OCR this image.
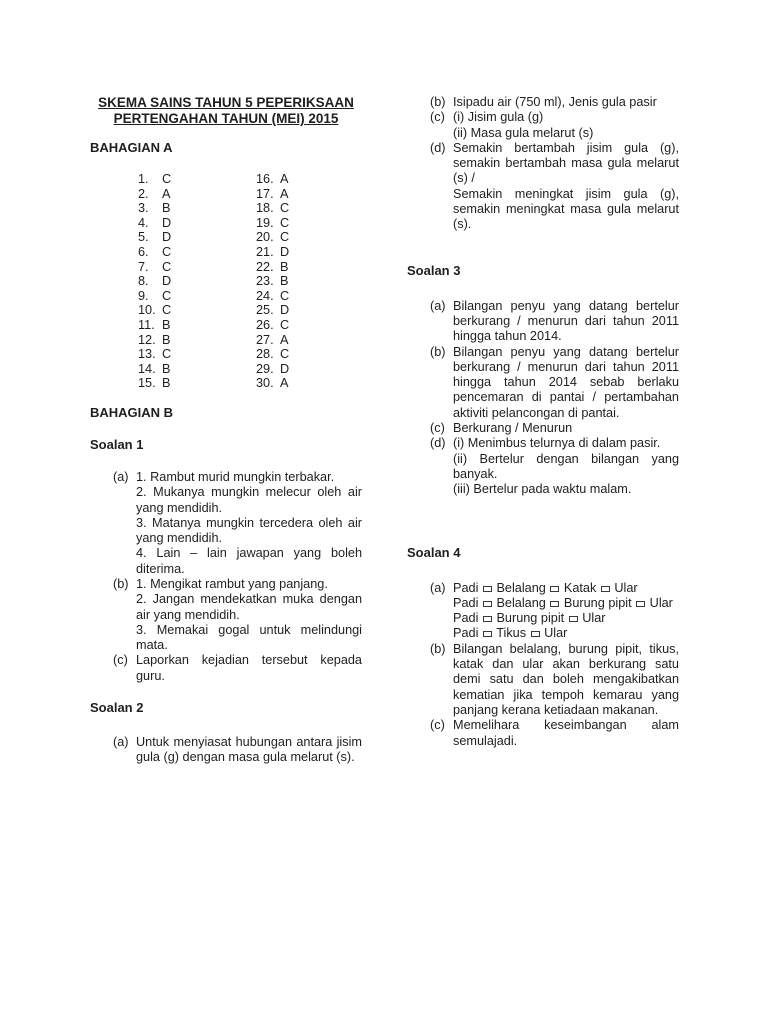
SKEMA SAINS TAHUN 5 PEPERIKSAAN
PERTENGAHAN TAHUN (MEI) 2015
BAHAGIAN A
1.	C	16. A
2.	A	17. A
3.	B	18. C
4.	D	19. C
5.	D	20. C
6.	C	21. D
7.	C	22. B
8.	D	23. B
9.	C	24. C
10. C	25. D
11. B	26. C
12. B	27. A
13. C	28. C
14. B	29. D
15. B	30. A
BAHAGIAN B
Soalan 1
(a) 1. Rambut murid mungkin terbakar.

2. Mukanya mungkin melecur oleh air yang mendidih.

3. Matanya mungkin tercedera oleh air yang mendidih.

4. Lain – lain jawapan yang boleh diterima.

(b) 1. Mengikat rambut yang panjang.

2. Jangan mendekatkan muka dengan air yang mendidih.

3. Memakai gogal untuk melindungi mata.

(c) Laporkan kejadian tersebut kepada guru.

Soalan 2
(a) Untuk menyiasat hubungan antara jisim gula (g) dengan masa gula melarut (s).

(b) Isipadu air (750 ml), Jenis gula pasir

(c) (i) Jisim gula (g)

(ii) Masa gula melarut (s)

(d) Semakin bertambah jisim gula (g), semakin bertambah masa gula melarut (s) /

Semakin meningkat jisim gula (g), semakin meningkat masa gula melarut (s).

Soalan 3
(a) Bilangan penyu yang datang bertelur berkurang / menurun dari tahun 2011 hingga tahun 2014.

(b) Bilangan penyu yang datang bertelur berkurang / menurun dari tahun 2011 hingga tahun 2014 sebab berlaku pencemaran di pantai / pertambahan aktiviti pelancongan di pantai.

(c) Berkurang / Menurun

(d) (i) Menimbus telurnya di dalam pasir.

(ii) Bertelur dengan bilangan yang banyak.

(iii) Bertelur pada waktu malam.

Soalan 4
(a) Padi  Belalang  Katak  Ular

Padi  Belalang  Burung pipit  Ular

Padi  Burung pipit  Ular

Padi  Tikus  Ular

(b) Bilangan belalang, burung pipit, tikus, katak dan ular akan berkurang satu demi satu dan boleh mengakibatkan kematian jika tempoh kemarau yang panjang kerana ketiadaan makanan.

(c) Memelihara keseimbangan alam semulajadi.
